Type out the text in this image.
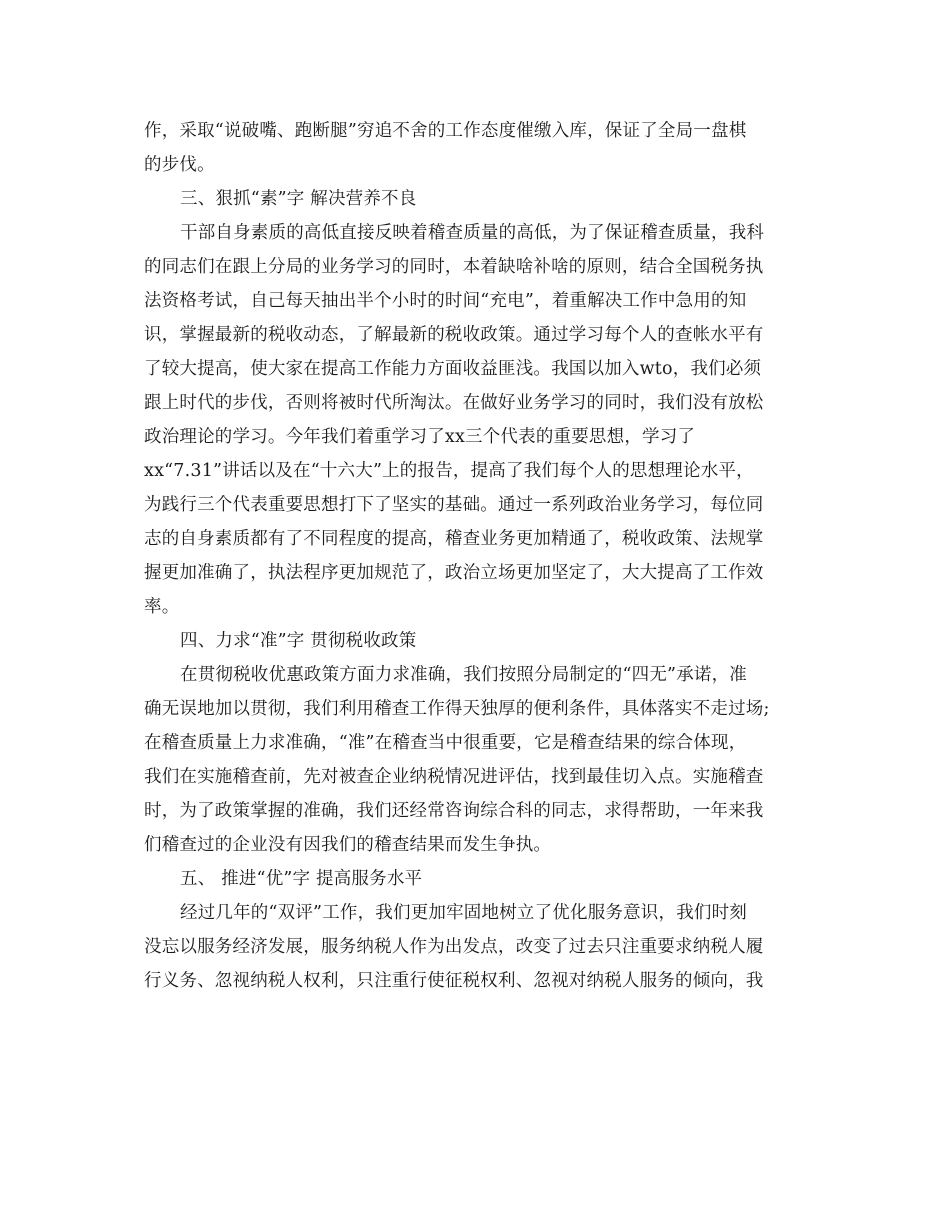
作，采取“说破嘴、跑断腿”穷追不舍的工作态度催缴入库，保证了全局一盘棋
的步伐。
三、狠抓“素”字 解决营养不良
干部自身素质的高低直接反映着稽查质量的高低，为了保证稽查质量，我科
的同志们在跟上分局的业务学习的同时，本着缺啥补啥的原则，结合全国税务执
法资格考试，自己每天抽出半个小时的时间“充电”，着重解决工作中急用的知
识，掌握最新的税收动态，了解最新的税收政策。通过学习每个人的查帐水平有
了较大提高，使大家在提高工作能力方面收益匪浅。我国以加入wto，我们必须
跟上时代的步伐，否则将被时代所淘汰。在做好业务学习的同时，我们没有放松
政治理论的学习。今年我们着重学习了xx三个代表的重要思想，学习了
xx“7.31”讲话以及在“十六大”上的报告，提高了我们每个人的思想理论水平，
为践行三个代表重要思想打下了坚实的基础。通过一系列政治业务学习，每位同
志的自身素质都有了不同程度的提高，稽查业务更加精通了，税收政策、法规掌
握更加准确了，执法程序更加规范了，政治立场更加坚定了，大大提高了工作效
率。
四、力求“准”字 贯彻税收政策
在贯彻税收优惠政策方面力求准确，我们按照分局制定的“四无”承诺，准
确无误地加以贯彻，我们利用稽查工作得天独厚的便利条件，具体落实不走过场;
在稽查质量上力求准确，“准”在稽查当中很重要，它是稽查结果的综合体现，
我们在实施稽查前，先对被查企业纳税情况进评估，找到最佳切入点。实施稽查
时，为了政策掌握的准确，我们还经常咨询综合科的同志，求得帮助，一年来我
们稽查过的企业没有因我们的稽查结果而发生争执。
五、 推进“优”字 提高服务水平
经过几年的“双评”工作，我们更加牢固地树立了优化服务意识，我们时刻
没忘以服务经济发展，服务纳税人作为出发点，改变了过去只注重要求纳税人履
行义务、忽视纳税人权利，只注重行使征税权利、忽视对纳税人服务的倾向，我
